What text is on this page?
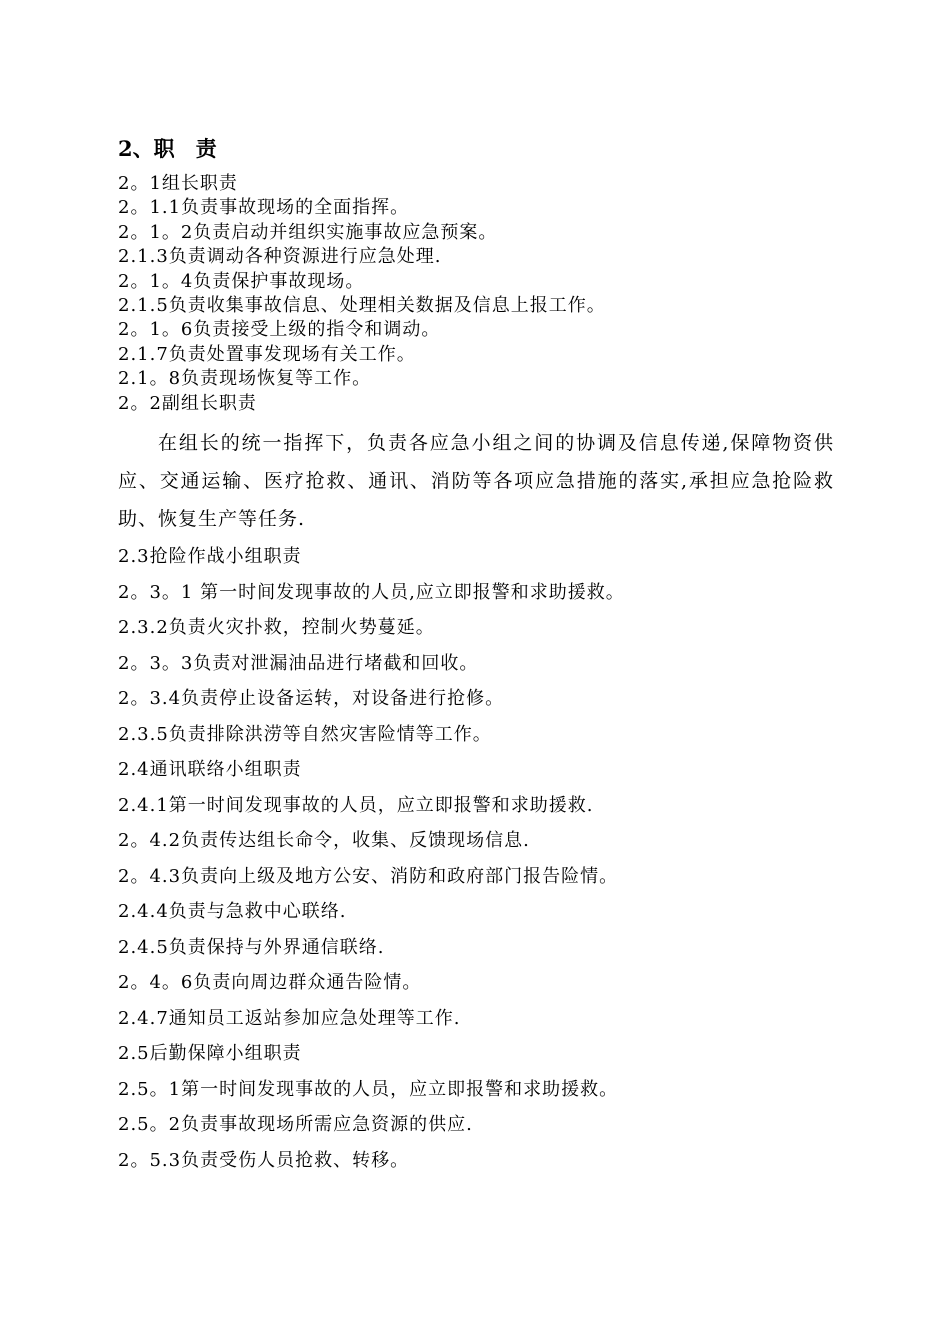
2、职　责
2。1组长职责
2。1.1负责事故现场的全面指挥。
2。1。2负责启动并组织实施事故应急预案。
2.1.3负责调动各种资源进行应急处理.
2。1。4负责保护事故现场。
2.1.5负责收集事故信息、处理相关数据及信息上报工作。
2。1。6负责接受上级的指令和调动。
2.1.7负责处置事发现场有关工作。
2.1。8负责现场恢复等工作。
2。2副组长职责
在组长的统一指挥下，负责各应急小组之间的协调及信息传递,保障物资供应、交通运输、医疗抢救、通讯、消防等各项应急措施的落实,承担应急抢险救助、恢复生产等任务.
2.3抢险作战小组职责
2。3。1 第一时间发现事故的人员,应立即报警和求助援救。
2.3.2负责火灾扑救，控制火势蔓延。
2。3。3负责对泄漏油品进行堵截和回收。
2。3.4负责停止设备运转，对设备进行抢修。
2.3.5负责排除洪涝等自然灾害险情等工作。
2.4通讯联络小组职责
2.4.1第一时间发现事故的人员，应立即报警和求助援救.
2。4.2负责传达组长命令，收集、反馈现场信息.
2。4.3负责向上级及地方公安、消防和政府部门报告险情。
2.4.4负责与急救中心联络.
2.4.5负责保持与外界通信联络.
2。4。6负责向周边群众通告险情。
2.4.7通知员工返站参加应急处理等工作.
2.5后勤保障小组职责
2.5。1第一时间发现事故的人员，应立即报警和求助援救。
2.5。2负责事故现场所需应急资源的供应.
2。5.3负责受伤人员抢救、转移。
